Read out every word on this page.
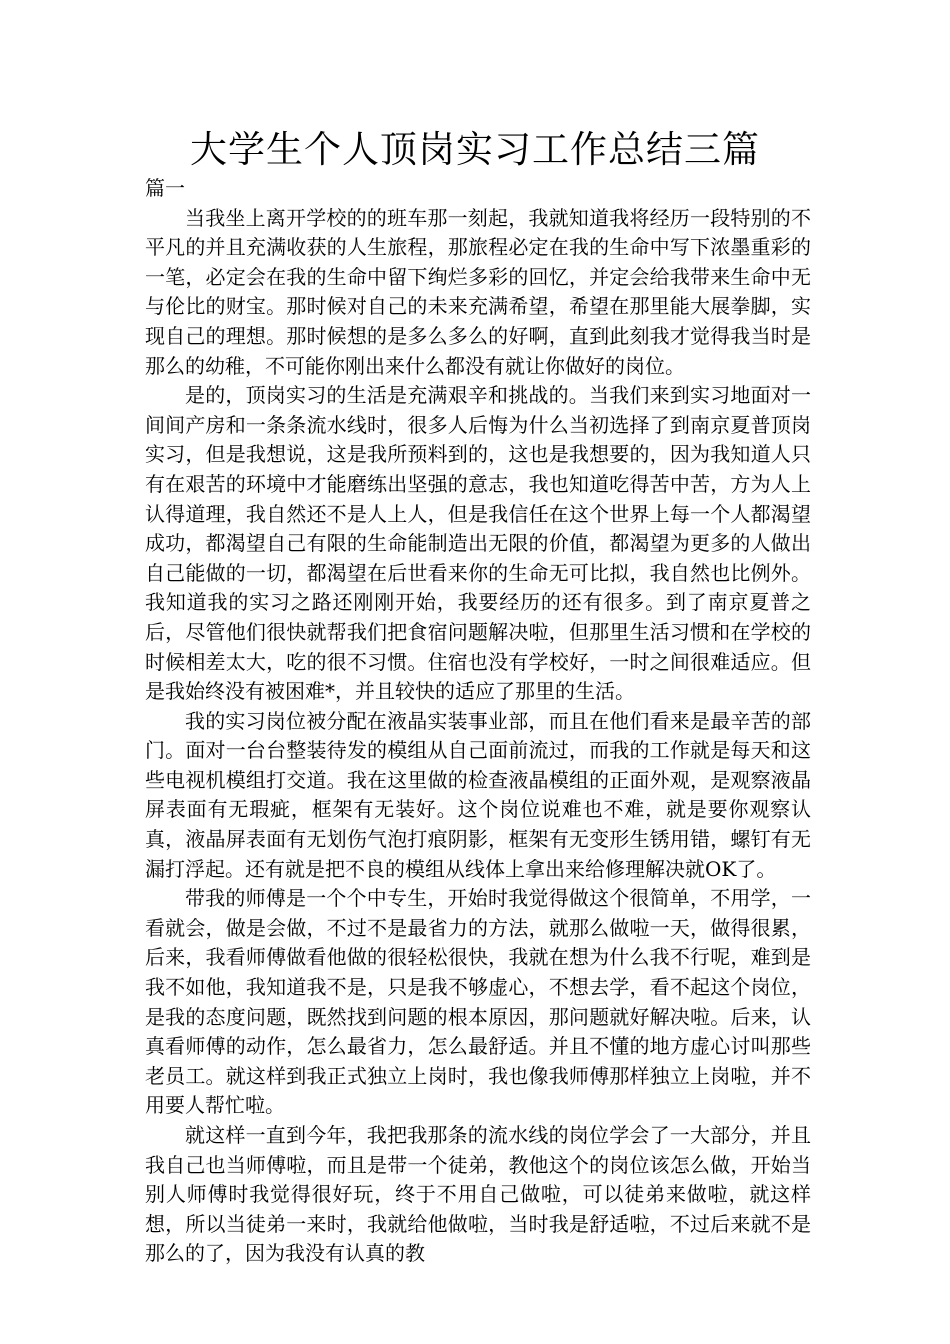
大学生个人顶岗实习工作总结三篇

篇一

当我坐上离开学校的的班车那一刻起，我就知道我将经历一段特别的不平凡的并且充满收获的人生旅程，那旅程必定在我的生命中写下浓墨重彩的一笔，必定会在我的生命中留下绚烂多彩的回忆，并定会给我带来生命中无与伦比的财宝。那时候对自己的未来充满希望，希望在那里能大展拳脚，实现自己的理想。那时候想的是多么多么的好啊，直到此刻我才觉得我当时是那么的幼稚，不可能你刚出来什么都没有就让你做好的岗位。

是的，顶岗实习的生活是充满艰辛和挑战的。当我们来到实习地面对一间间产房和一条条流水线时，很多人后悔为什么当初选择了到南京夏普顶岗实习，但是我想说，这是我所预料到的，这也是我想要的，因为我知道人只有在艰苦的环境中才能磨练出坚强的意志，我也知道吃得苦中苦，方为人上认得道理，我自然还不是人上人，但是我信任在这个世界上每一个人都渴望成功，都渴望自己有限的生命能制造出无限的价值，都渴望为更多的人做出自己能做的一切，都渴望在后世看来你的生命无可比拟，我自然也比例外。我知道我的实习之路还刚刚开始，我要经历的还有很多。到了南京夏普之后，尽管他们很快就帮我们把食宿问题解决啦，但那里生活习惯和在学校的时候相差太大，吃的很不习惯。住宿也没有学校好，一时之间很难适应。但是我始终没有被困难*，并且较快的适应了那里的生活。

我的实习岗位被分配在液晶实装事业部，而且在他们看来是最辛苦的部门。面对一台台整装待发的模组从自己面前流过，而我的工作就是每天和这些电视机模组打交道。我在这里做的检查液晶模组的正面外观，是观察液晶屏表面有无瑕疵，框架有无装好。这个岗位说难也不难，就是要你观察认真，液晶屏表面有无划伤气泡打痕阴影，框架有无变形生锈用错，螺钉有无漏打浮起。还有就是把不良的模组从线体上拿出来给修理解决就OK了。

带我的师傅是一个个中专生，开始时我觉得做这个很简单，不用学，一看就会，做是会做，不过不是最省力的方法，就那么做啦一天，做得很累，后来，我看师傅做看他做的很轻松很快，我就在想为什么我不行呢，难到是我不如他，我知道我不是，只是我不够虚心，不想去学，看不起这个岗位，是我的态度问题，既然找到问题的根本原因，那问题就好解决啦。后来，认真看师傅的动作，怎么最省力，怎么最舒适。并且不懂的地方虚心讨叫那些老员工。就这样到我正式独立上岗时，我也像我师傅那样独立上岗啦，并不用要人帮忙啦。

就这样一直到今年，我把我那条的流水线的岗位学会了一大部分，并且我自己也当师傅啦，而且是带一个徒弟，教他这个的岗位该怎么做，开始当别人师傅时我觉得很好玩，终于不用自己做啦，可以徒弟来做啦，就这样想，所以当徒弟一来时，我就给他做啦，当时我是舒适啦，不过后来就不是那么的了，因为我没有认真的教
